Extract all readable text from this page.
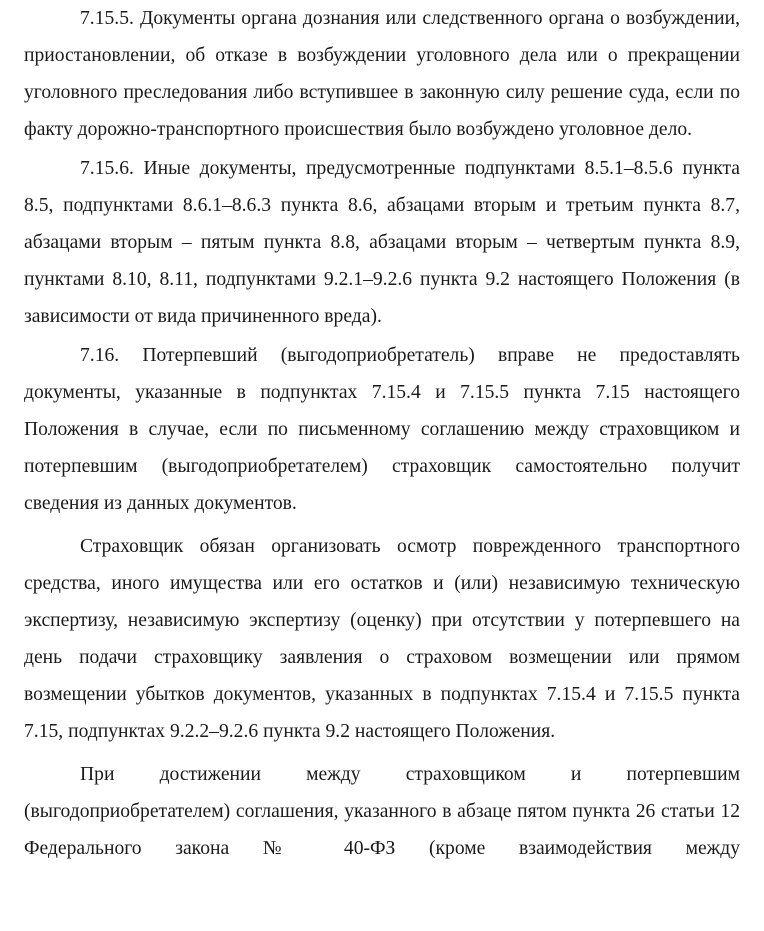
7.15.5. Документы органа дознания или следственного органа о возбуждении, приостановлении, об отказе в возбуждении уголовного дела или о прекращении уголовного преследования либо вступившее в законную силу решение суда, если по факту дорожно-транспортного происшествия было возбуждено уголовное дело.

7.15.6. Иные документы, предусмотренные подпунктами 8.5.1–8.5.6 пункта 8.5, подпунктами 8.6.1–8.6.3 пункта 8.6, абзацами вторым и третьим пункта 8.7, абзацами вторым – пятым пункта 8.8, абзацами вторым – четвертым пункта 8.9, пунктами 8.10, 8.11, подпунктами 9.2.1–9.2.6 пункта 9.2 настоящего Положения (в зависимости от вида причиненного вреда).

7.16. Потерпевший (выгодоприобретатель) вправе не предоставлять документы, указанные в подпунктах 7.15.4 и 7.15.5 пункта 7.15 настоящего Положения в случае, если по письменному соглашению между страховщиком и потерпевшим (выгодоприобретателем) страховщик самостоятельно получит сведения из данных документов.

Страховщик обязан организовать осмотр поврежденного транспортного средства, иного имущества или его остатков и (или) независимую техническую экспертизу, независимую экспертизу (оценку) при отсутствии у потерпевшего на день подачи страховщику заявления о страховом возмещении или прямом возмещении убытков документов, указанных в подпунктах 7.15.4 и 7.15.5 пункта 7.15, подпунктах 9.2.2–9.2.6 пункта 9.2 настоящего Положения.

При достижении между страховщиком и потерпевшим (выгодоприобретателем) соглашения, указанного в абзаце пятом пункта 26 статьи 12 Федерального закона № 40-ФЗ (кроме взаимодействия между
